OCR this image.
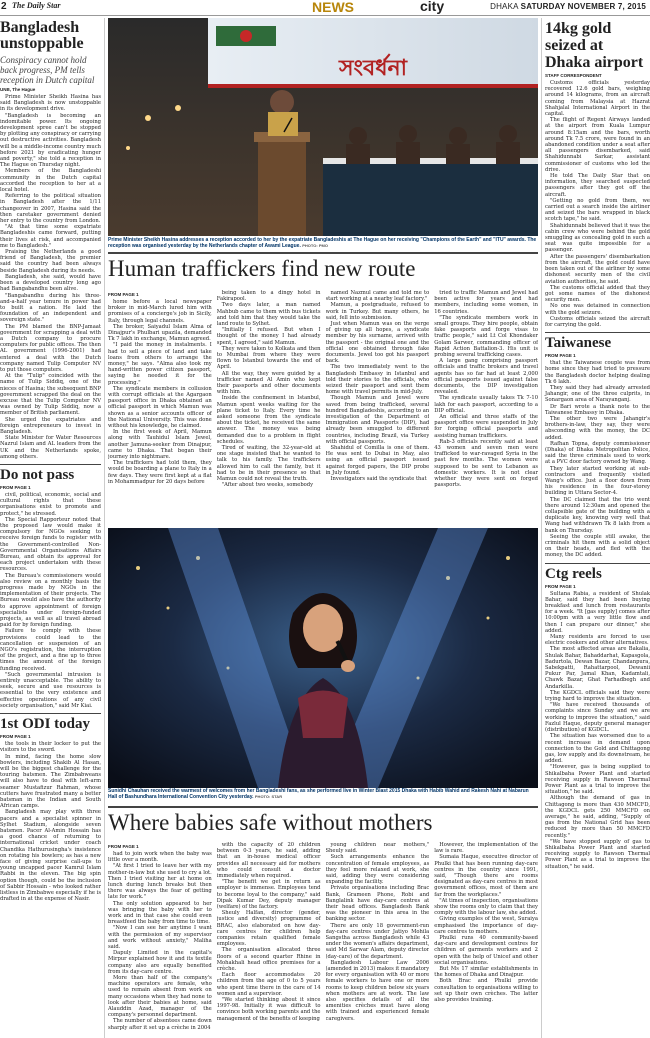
2 The Daily Star	NEWS	city	DHAKA SATURDAY NOVEMBER 7, 2015
Bangladesh unstoppable
Conspiracy cannot hold back progress, PM tells reception in Dutch capital
UNB, The Hague

Prime Minister Sheikh Hasina has said Bangladesh is now unstoppable in its development drive.

"Bangladesh is becoming an indomitable power. Its ongoing development spree can't be stopped by plotting any conspiracy or carrying out destructive activities. Bangladesh will be a middle-income country much before 2021 by eradicating hunger and poverty," she told a reception in The Hague on Thursday night.

Members of the Bangladeshi community in the Dutch capital accorded the reception to her at a local hotel.

Referring to the political situation in Bangladesh after the 1/11 changeover in 2007, Hasina said the then caretaker government denied her entry to the country from London.

"At that time some expatriate Bangladeshis came forward, putting their lives at risk, and accompanied me to Bangladesh."

Praising the Netherlands a good friend of Bangladesh, the premier said the country had been always beside Bangladesh during its needs.

Bangladesh, she said, would have been a developed country long ago had Bangabandhu been alive.

"Bangabandhu during his three-and-a-half year tenure in power had to built a nation. He laid the foundation of an independent and sovereign state."

The PM blamed the BNP-Jamaat government for scrapping a deal with a Dutch company to procure computers for public offices. The then AL government (1996-2001) had entered a deal with the Dutch company named Tulip Computer NV to put those computers.

At the "Tulip" coincided with the name of Tulip Siddiq, one of the nieces of Hasina; the subsequent BNP government scrapped the deal on the excuse that the Tulip Computer NV was owned by Tulip Siddiq, now a member of British parliament.

She urged the expatriates and foreign entrepreneurs to invest in Bangladesh.

State Minister for Water Resources Nazrul Islam and AL leaders from the UK and the Netherlands spoke, among others.

Do not pass
FROM PAGE 1

civil, political, economic, social and cultural rights that these organisations exist to promote and protect," he stressed.

The Special Rapporteur noted that the proposed law would make it compulsory for NGOs seeking to receive foreign funds to register with the Government-controlled Non-Governmental Organisations Affairs Bureau, and obtain its approval for each project undertaken with these resources.

The Bureau's commissioners would also review on a monthly basis the progress made by NGOs in the implementation of their projects. The Bureau would also have the authority to approve appointment of foreign specialists under foreign-funded projects, as well as all travel abroad paid for by foreign funding.

Failure to comply with these provisions could lead to the cancellation or suspension of an NGO's registration, the interruption of the project, and a fine up to three times the amount of the foreign funding received.

"Such governmental intrusion is entirely unacceptable. The ability to seek, secure and use resources is essential to the very existence and effective operations of any civil society organisation," said Mr Kiai.

1st ODI today
FROM PAGE 1

the tools in their locker to put the visitors to the sword.

In mind, facing the home slow bowlers, including Shakib Al Hasan, will be the biggest challenge for the touring batsmen. The Zimbabweans will also have to deal with left-arm seamer Mustafizur Rahman, whose cutters have frustrated many a better batsman in the Indian and South African camps.

Bangladesh may play with three pacers and a specialist spinner in Sylhet Stadium, alongside seven batsmen. Pacer Al-Amin Hossain has a good chance of returning to international cricket under coach Chandika Hathurusingha's insistence on rotating his bowlers; as has a new face of giving surprise call-ups to young uncapped pacer Kamrul Islam Rabbi in the eleven. The big spin option though, could be the inclusion of Sabbir Hossain - who looked rather listless in Zimbabwe especially if he is drafted in at the expense of Nasir.

সংবর্ধনা
Prime Minister Sheikh Hasina addresses a reception accorded to her by the expatriate Bangladeshis at The Hague on her receiving "Champions of the Earth" and "ITU" awards. The reception was organised yesterday by the Netherlands chapter of Awami League. PHOTO: PMO
Human traffickers find new route
FROM PAGE 1

home before a local newspaper broker in mid-March lured him with promises of a concierge's job in Sicily, Italy, through legal channels.

The broker, Saiyadul Islam Alma of Dinajpur's Phulbari upazila, demanded Tk 7 lakh in exchange, Mamun agreed.

"I paid the money in instalments. I had to sell a piece of land and take loans from others to arrange the money," he says. "Alma also took my hand-written power citizen passport, saying he needed it for the processing."

The syndicate members in collusion with corrupt officials at the Agargaon passport office in Dhaka obtained an official passport in which Mamun was shown as a senior accounts officer of the National University. This was done without his knowledge, he claimed.

In the first week of April, Mamun along with Tauhidul Islam Jewel, another Jamuna-seeker from Dinajpur, came to Dhaka. That began their journey into nightmare.

The traffickers had told them, they would be boarding a plane to Italy in a few days. They were first kept at a flat in Mohammadpur for 20 days before

being taken to a dingy hotel in Fakirapool.

Two days later, a man named Mahbub came to them with bus tickets and told him that they would take the land route to Sylhet.

"Initially I refused. But when I thought of the money I had already spent, I agreed," said Mamun.

They were taken to Kolkata and then to Mumbai from where they were flown to Istanbul towards the end of April.

All the way, they were guided by a trafficker named Al Amin who kept their passports and other documents with him.

Inside the confinement in Istanbul, Mamun spent weeks waiting for the plane ticket to Italy. Every time he asked someone from the syndicate about the ticket, he received the same answer. The money was being demanded due to a problem in flight schedules.

Tired of waiting, the 32-year-old at one stage insisted that he wanted to talk to his family. The traffickers allowed him to call the family, but it had to be in their presence so that Mamun could not reveal the truth.

"After about two weeks, somebody

named Nazmul came and told me to start working at a nearby leaf factory."

Mamun, a postgraduate, refused to work in Turkey. But many others, he said, fell into submission.

Just when Mamun was on the verge of giving up all hopes, a syndicate member by his surname, arrived with the passport - the original one and the official one obtained through fake documents. Jewel too got his passport back.

The two immediately went to the Bangladesh Embassy in Istanbul and told their stories to the officials, who seized their passport and sent them home with travel permits in mid-July.

Though Mamun and Jewel were saved from being trafficked, several hundred Bangladeshis, according to an investigation of the Department of Immigration and Passports (DIP), had already been smuggled to different countries, including Brazil, via Turkey with official passports.

Shahidul of Comilla is one of them. He was sent to Dubai in May, also using an official passport issued against forged papers, the DIP probe in July found.

Investigators said the syndicate that

tried to traffic Mamun and Jewel had been active for years and had members, including some women, in 16 countries.

"The syndicate members work in small groups. They hire people, obtain fake passports and forge visas to traffic people," said Lt Col Khondaker Golam Sarwer, commanding officer of Rapid Action Battalion-3. His unit is probing several trafficking cases.

A large gang comprising passport officials and traffic brokers and travel agents has so far had at least 2,000 official passports issued against false documents, the DIP investigation revealed.

The syndicate usually takes Tk 7-10 lakh for each passport, according to a DIP official.

An official and three staffs of the passport office were suspended in July for forging official passports and assisting human traffickers.

Rab-3 officials recently said at least 43 women and seven men were trafficked to war-ravaged Syria in the past few months. The women were supposed to be sent to Lebanon as domestic workers. It is not clear whether they were sent on forged passports.

Sunidhi Chauhan received the warmest of welcomes from her Bangladeshi fans, as she performed live in Winter Blast 2015 Dhaka with Habib Wahid and Rakesh Nahi at Nabarun Hall of Bashundhara International Convention City yesterday. PHOTO: STAR
Where babies safe without mothers
FROM PAGE 1

had to join work when the baby was little over a month.

"At first I tried to leave her with my mother-in-law but she used to cry a lot. Then I tried visiting her at home on lunch during lunch breaks but then there was always the fear of getting late for work."

The only solution appeared to her was bringing the baby with her to work and in that case she could even breastfeed the baby from time to time.

"Now I can see her anytime I want with the permission of my supervisor and work without anxiety," Maliha said.

Dapuly Limited in the capital's Mirpur explained how it and its textile company also are equally benefited from its day-care centre.

More than half of the company's machine operators are female, who used to remain absent from work on many occasions when they had none to look after their babies at home, said Alauddin Azad, manager of the company's personnel department.

The number of absentees came down sharply after it set up a crèche in 2004

with the capacity of 20 children between 0-3 years, he said, adding that an in-house medical officer provides all necessary aid for mothers who could consult a doctor immediately when required.

"The benefit we get in return as employer is immense. Employees tend to become loyal to the company," said Dipak Kumar Dey, deputy manager (welfare) of the factory.

Sheuly Halfan, director (gender, justice and diversity) programme of BRAC, also elaborated on how day-care centres for children help companies retain qualified female employees.

The organisation allocated three floors of a second quarter Rhine in Mohakhali head office premises for a crèche.

Each floor accommodates 20 children from the age of 0 to 5 years who spent time there in the care of 14 women and a supervisor.

"We started thinking about it since 1997-98. Initially it was difficult to convince both working parents and the management of the benefits of keeping

young children near mothers," Sheuly said.

Such arrangements enhance the concentration of female employees, as they feel more relaxed at work, she said, adding they were considering expanding the facility.

Private organisations including Brac Bank, Grameen Phone, Robi and Banglalink have day-care centres at their head offices. Bangladesh Bank was the pioneer in this area in the banking sector.

There are only 18 government-run day-care centres under Jatiyo Mohila Sangstha across Bangladesh while 43 under the women's affairs department, said Md Sarwar Alam, deputy director (day-care) of the department.

Bangladesh Labour Law 2006 (amended in 2013) makes it mandatory for every organisation with 40 or more female workers to have one or more rooms to keep children below six years when mothers are at work. The law also specifies details of all the amenities crèches must have along with trained and experienced female caregivers.

However, the implementation of the law is rare.

Sumaia Haque, executive director of Phulki that has been running day-care centres in the country since 1991, said, "Though there are rooms designated as day-care centres in most government offices, most of them are far from the workplaces."

"At times of inspection, organisations show the rooms only to claim that they comply with the labour law, she added.

Giving examples of the west, Suraiya emphasised the importance of day-care centres to mothers.

Phulki runs 40 community-based day-care and development centres for children of garments workers and 2 open with the help of Unicef and other social organisations.

But Ms 17 similar establishments in the homes of Dhaka and Dinajpur.

Both Brac and Phulki provide consultation to organisations willing to set up their own crèches. The latter also provides training.

14kg gold seized at Dhaka airport
STAFF CORRESPONDENT

Customs officials yesterday recovered 12.6 gold bars, weighing around 14 kilograms, from an aircraft coming from Malaysia at Hazrat Shahjalal International Airport in the capital.

The flight of Regent Airways landed at the airport from Kuala Lumpur around 8:15am and the bars, worth around Tk 7.5 crore, were found in an abandoned condition under a seat after all passengers disembarked, said Shahidunnabi Sarkar, assistant commissioner of customs who led the drive.

He told The Daily Star that on information, they searched suspected passengers after they got off the aircraft.

"Getting no gold from them, we carried out a search inside the airliner and seized the bars wrapped in black scotch tape," he said.

Shahidunnabi believed that it was the cabin crew who were behind the gold smuggling as concealing gold in such a seat was quite impossible for a passenger.

After the passengers' disembarkation from the aircraft, the gold could have been taken out of the airliner by some dishonest security men of the civil aviation authorities, he said.

The customs official added that they got some names of the dishonest security men.

No one was detained in connection with the gold seizure.

Customs officials seized the aircraft for carrying the gold.

Taiwanese
FROM PAGE 1

that the Taiwanese couple was from home since they had tried to pressure the Bangladesh doctor helping dealing Tk 6 lakh.

They said they had already arrested Jahangir, one of the three culprits, in Sonargaon area of Narayanganj.

Dr Bari wrote a thank note to the Taiwanese Embassy in Dhaka.

The other two were Jahangir's brothers-in-law, they say, they were absconding with the money, the DC added.

Rafhan Topna, deputy commissioner (Dhaka) of Dhaka Metropolitan Police, said the three criminals used to work at a PVC door factory owned by Wang.

They later started working at sub-contractors and frequently visited Wang's office. Just a floor down from his residence in the four-storey building in Uttara Sector-4.

The DC claimed that the trio went there around 12:30am and opened the collapsible gate of the building with a duplicate key, knowing very well that Wang had withdrawn Tk 8 lakh from a bank on Thursday.

Seeing the couple still awake, the criminals hit them with a solid object on their heads, and fled with the money, the DC added.

Ctg reels
FROM PAGE 1

Sultana Rabia, a resident of Shulak Bahar, said they had been buying breakfast and lunch from restaurants for a week. "It [gas supply] comes after 10:00pm with a very little flow and then I can prepare our dinner," she added.

Many residents are forced to use electric cookers and other alternatives.

The most affected areas are Bakalia, Shulak Bahar, Bahaddarhat, Kapasgola, Badurtola, Dewan Bazar, Chandanpura, Sabekpatti, Rahattarpool, Dewanii Pukur Par, Jamal Khan, Kadamtali, Chawk Bazar, Ghat Farhadbegh and Andarkilla.

The KGDCL officials said they were trying hard to improve the situation.

"We have received thousands of complaints since Sunday and we are working to improve the situation," said Fazlul Haque, deputy general manager (distribution) of KGDCL.

The situation has worsened due to a recent increase in demand upon connection to the Gold and Chittagong gas, low supply and its downstream, he added.

"However, gas is being supplied to Shikalbaha Power Plant and started receiving supply in Rawson Thermal Power Plant as a trial to improve the situation," he said.

Although the demand of gas in Chittagong is more than 430 MMCFD, the KGDCL gets 250 MMCFD on average," he said, adding, "Supply of gas from the National Grid has been reduced by more than 50 MMCFD recently."

"We have stopped supply of gas to Shikalbaha Power Plant and started receiving supply to Rawson Thermal Power Plant as a trial to improve the situation," he said.
